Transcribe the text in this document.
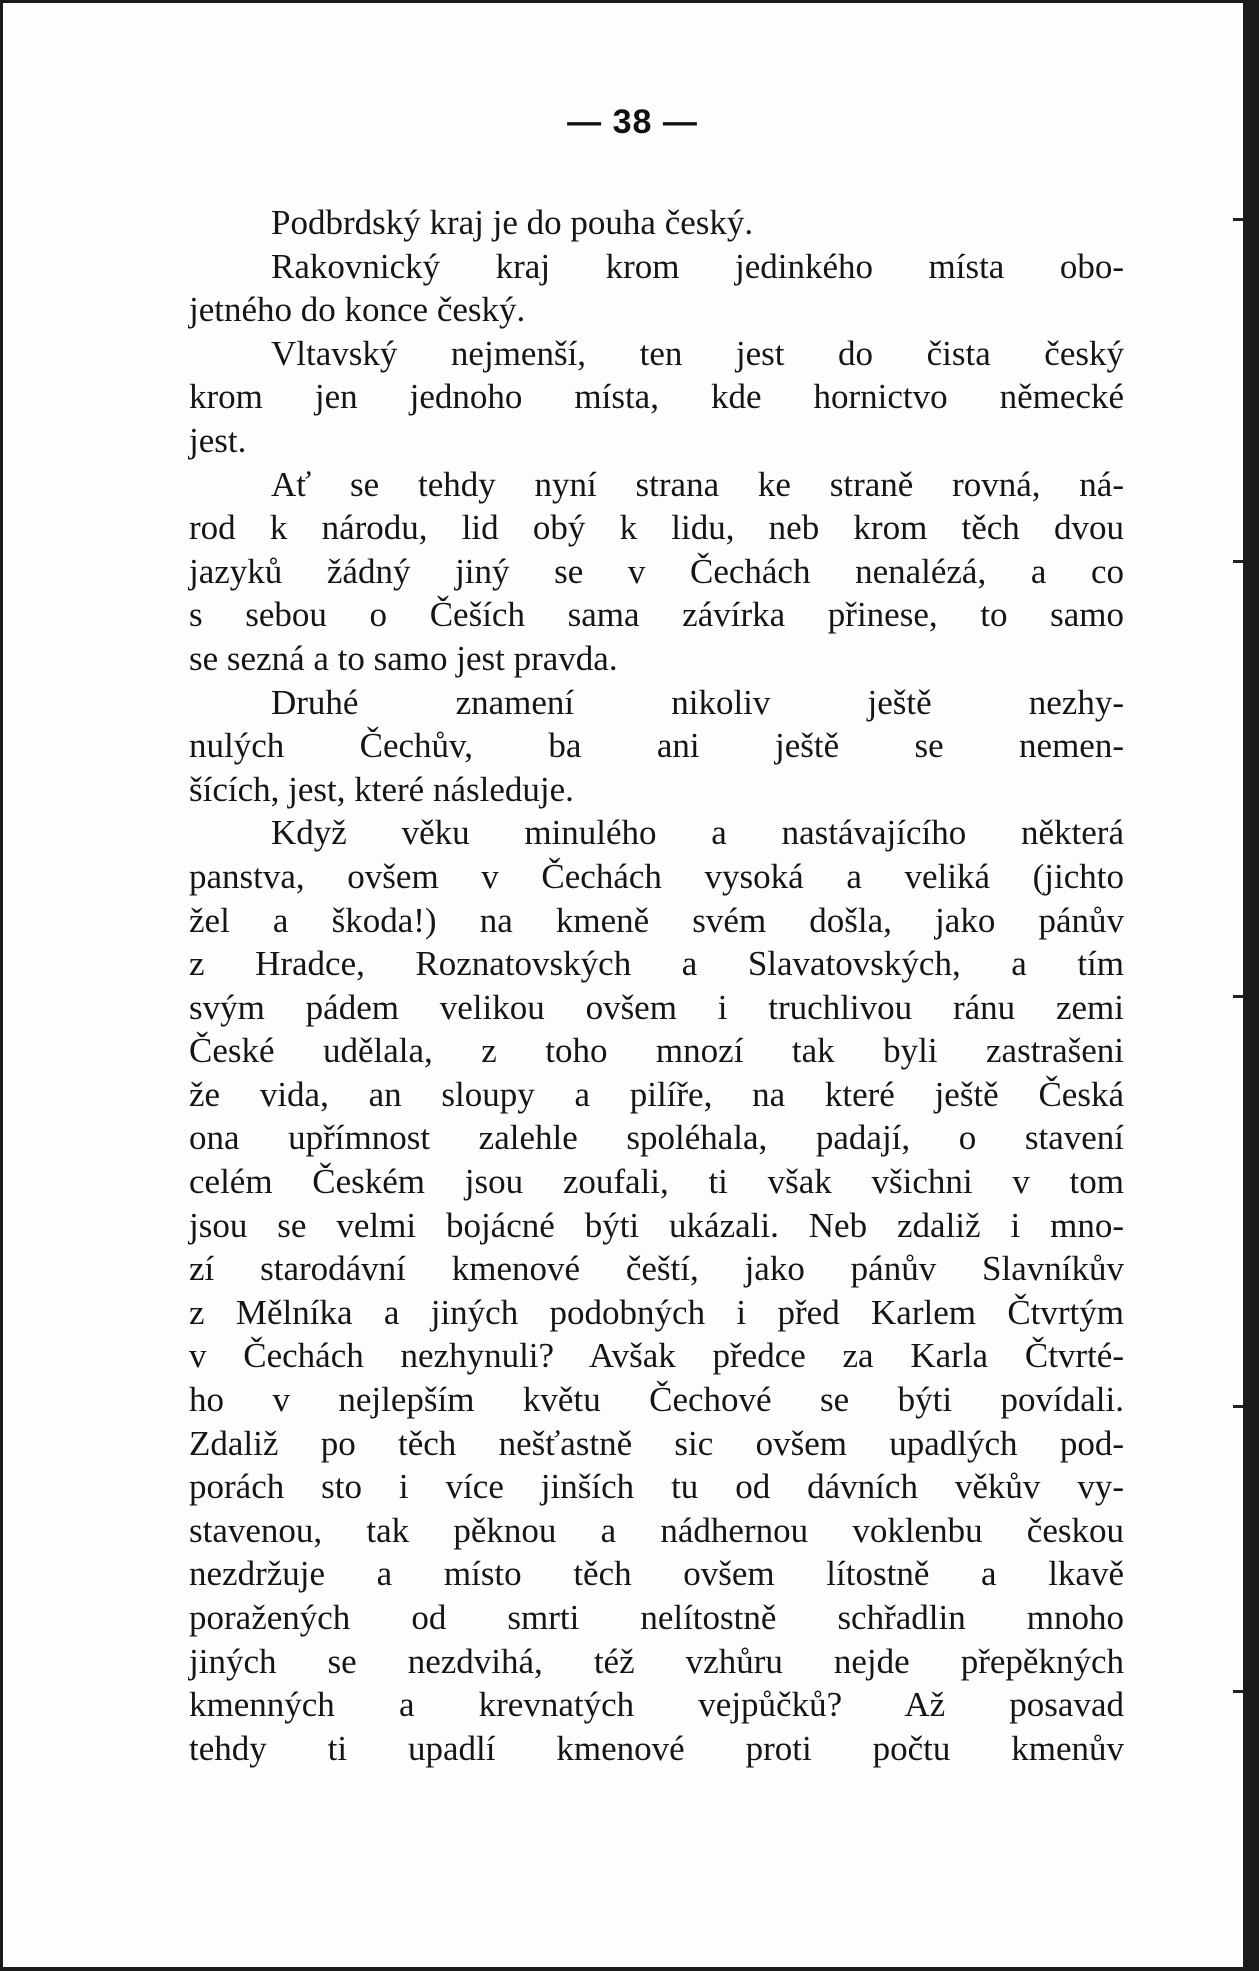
— 38 —
Podbrdský kraj je do pouha český.
Rakovnický kraj krom jedinkého místa obo-
jetného do konce český.
Vltavský nejmenší, ten jest do čista český
krom jen jednoho místa, kde hornictvo německé
jest.
Ať se tehdy nyní strana ke straně rovná, ná-
rod k národu, lid obý k lidu, neb krom těch dvou
jazyků žádný jiný se v Čechách nenalézá, a co
s sebou o Češích sama závírka přinese, to samo
se sezná a to samo jest pravda.
Druhé znamení nikoliv ještě nezhy-
nulých Čechův, ba ani ještě se nemen-
šících, jest, které následuje.
Když věku minulého a nastávajícího některá
panstva, ovšem v Čechách vysoká a veliká (jichto
žel a škoda!) na kmeně svém došla, jako pánův
z Hradce, Roznatovských a Slavatovských, a tím
svým pádem velikou ovšem i truchlivou ránu zemi
České udělala, z toho mnozí tak byli zastrašeni
že vida, an sloupy a pilíře, na které ještě Česká
ona upřímnost zalehle spoléhala, padají, o stavení
celém Českém jsou zoufali, ti však všichni v tom
jsou se velmi bojácné býti ukázali. Neb zdaliž i mno-
zí starodávní kmenové čeští, jako pánův Slavníkův
z Mělníka a jiných podobných i před Karlem Čtvrtým
v Čechách nezhynuli? Avšak předce za Karla Čtvrté-
ho v nejlepším květu Čechové se býti povídali.
Zdaliž po těch nešťastně sic ovšem upadlých pod-
porách sto i více jinších tu od dávních věkův vy-
stavenou, tak pěknou a nádhernou voklenbu českou
nezdržuje a místo těch ovšem lítostně a lkavě
poražených od smrti nelítostně schřadlin mnoho
jiných se nezdvihá, též vzhůru nejde přepěkných
kmenných a krevnatých vejpůčků? Až posavad
tehdy ti upadlí kmenové proti počtu kmenův
